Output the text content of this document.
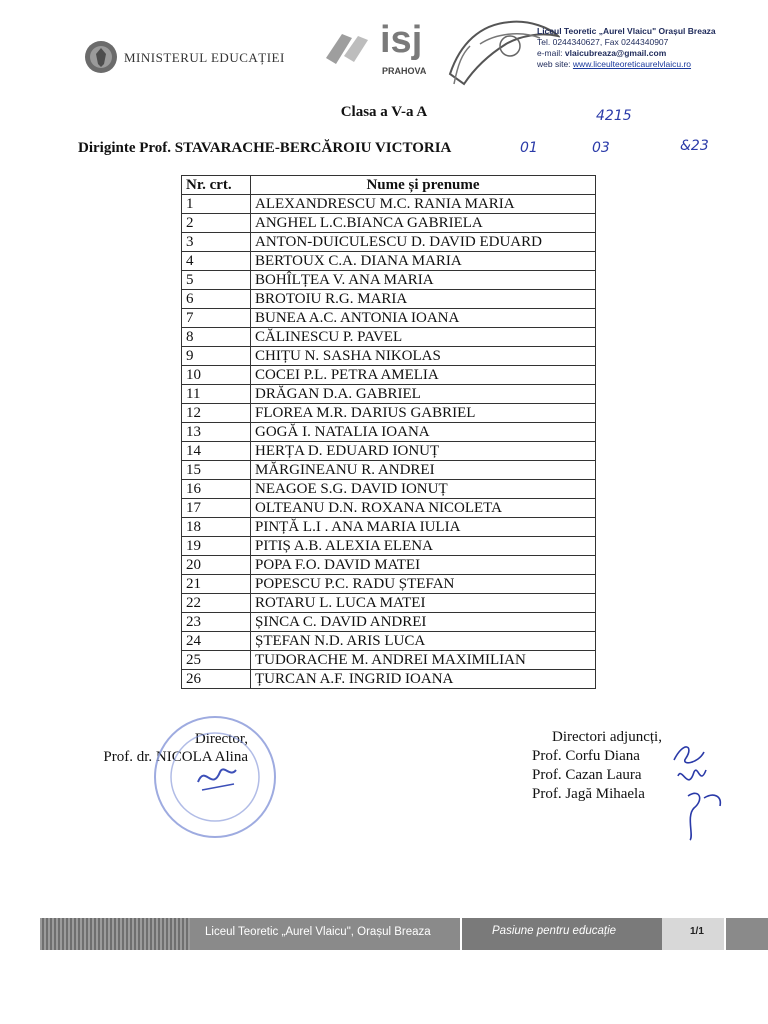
MINISTERUL EDUCAȚIEI	isj
PRAHOVA
Liceul Teoretic „Aurel Vlaicu" Orașul Breaza
Tel. 0244340627, Fax 0244340907
e-mail: vlaicubreaza@gmail.com
web site: www.liceulteoreticaurelvlaicu.ro
Clasa a V-a A
Diriginte Prof. STAVARACHE-BERCĂROIU VICTORIA
4215
01	03	&23
Nr. crt.	Nume și prenume
1	ALEXANDRESCU M.C. RANIA MARIA
2	ANGHEL L.C.BIANCA GABRIELA
3	ANTON-DUICULESCU D. DAVID EDUARD
4	BERTOUX C.A. DIANA MARIA
5	BOHÎLȚEA V. ANA MARIA
6	BROTOIU R.G. MARIA
7	BUNEA A.C. ANTONIA IOANA
8	CĂLINESCU P. PAVEL
9	CHIȚU N. SASHA NIKOLAS
10	COCEI P.L. PETRA AMELIA
11	DRĂGAN D.A. GABRIEL
12	FLOREA M.R. DARIUS GABRIEL
13	GOGĂ I. NATALIA IOANA
14	HERȚA D. EDUARD IONUȚ
15	MĂRGINEANU R. ANDREI
16	NEAGOE S.G. DAVID IONUȚ
17	OLTEANU D.N. ROXANA NICOLETA
18	PINȚĂ L.I . ANA MARIA IULIA
19	PITIȘ A.B. ALEXIA ELENA
20	POPA F.O. DAVID MATEI
21	POPESCU P.C. RADU ȘTEFAN
22	ROTARU L. LUCA MATEI
23	ȘINCA C. DAVID ANDREI
24	ȘTEFAN N.D. ARIS LUCA
25	TUDORACHE M. ANDREI MAXIMILIAN
26	ȚURCAN A.F. INGRID IOANA
Director,
Prof. dr. NICOLA Alina
Directori adjuncți,
Prof. Corfu Diana
Prof. Cazan Laura
Prof. Jagă Mihaela
Liceul Teoretic „Aurel Vlaicu", Orașul Breaza	Pasiune pentru educație	1/1
